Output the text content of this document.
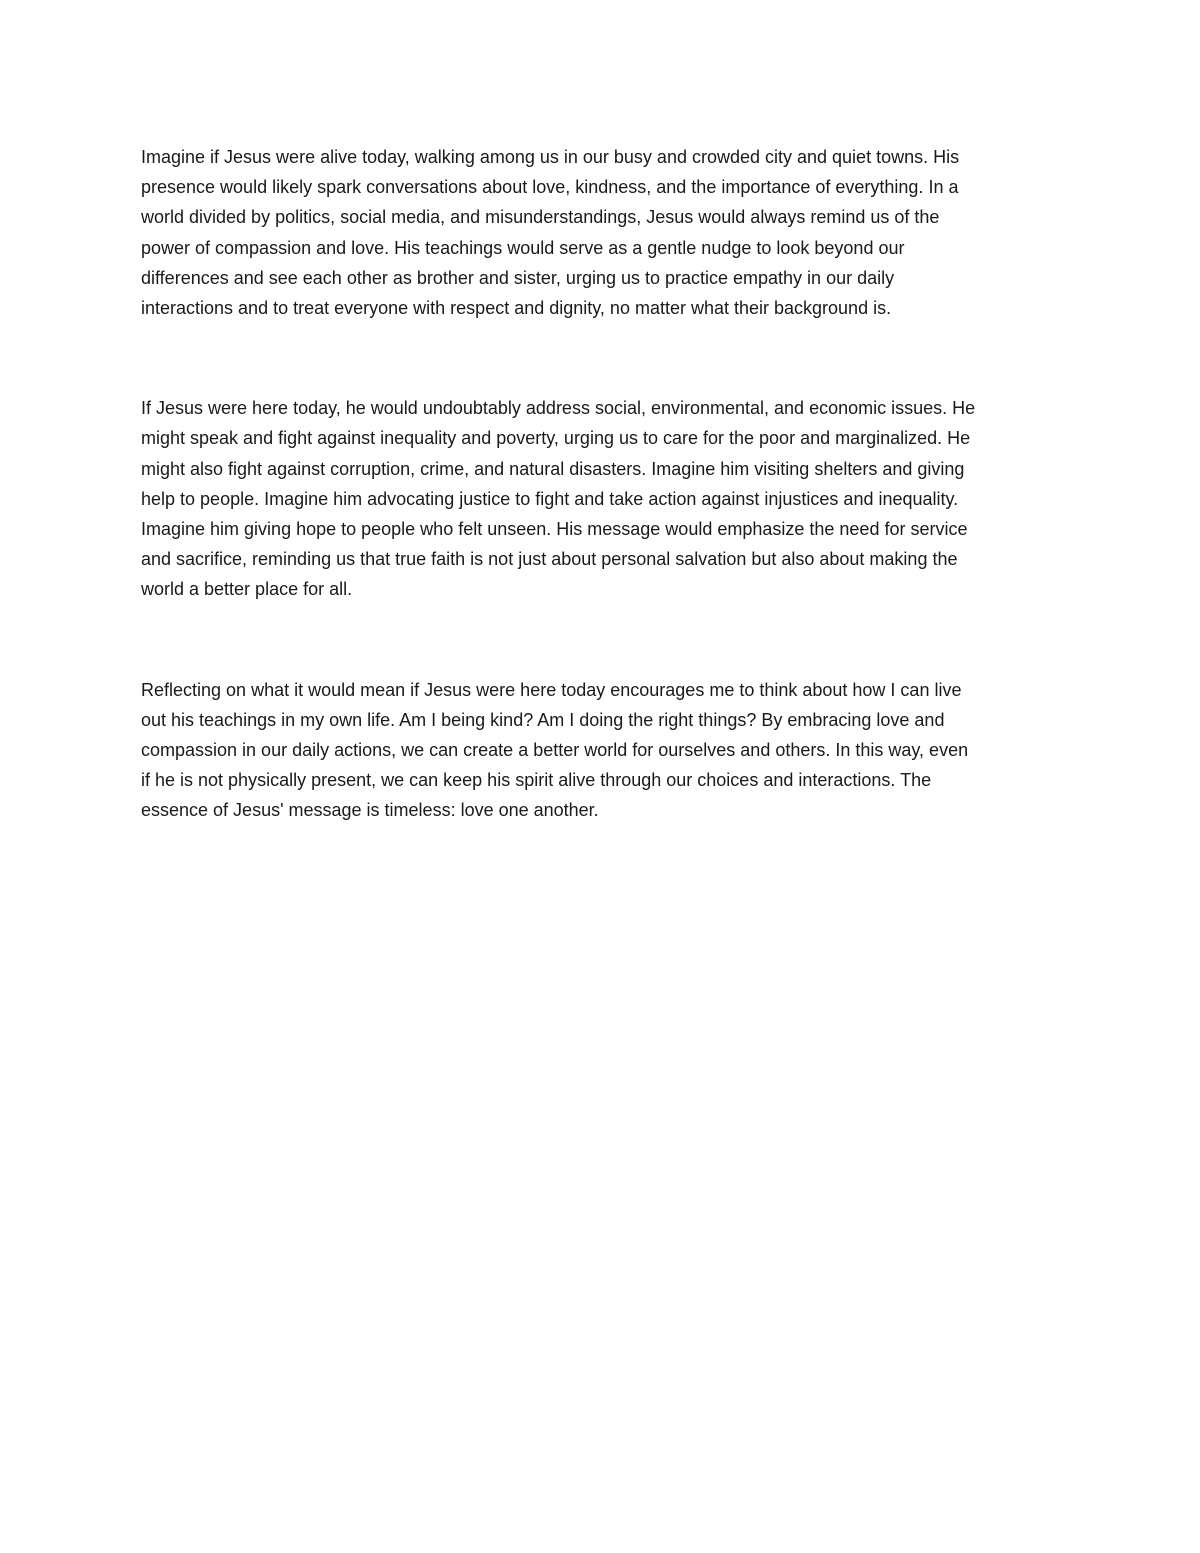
Imagine if Jesus were alive today, walking among us in our busy and crowded city and quiet towns. His
presence would likely spark conversations about love, kindness, and the importance of everything. In a
world divided by politics, social media, and misunderstandings, Jesus would always remind us of the
power of compassion and love. His teachings would serve as a gentle nudge to look beyond our
differences and see each other as brother and sister, urging us to practice empathy in our daily
interactions and to treat everyone with respect and dignity, no matter what their background is.

If Jesus were here today, he would undoubtably address social, environmental, and economic issues. He
might speak and fight against inequality and poverty, urging us to care for the poor and marginalized. He
might also fight against corruption, crime, and natural disasters. Imagine him visiting shelters and giving
help to people. Imagine him advocating justice to fight and take action against injustices and inequality.
Imagine him giving hope to people who felt unseen. His message would emphasize the need for service
and sacrifice, reminding us that true faith is not just about personal salvation but also about making the
world a better place for all.

Reflecting on what it would mean if Jesus were here today encourages me to think about how I can live
out his teachings in my own life. Am I being kind? Am I doing the right things? By embracing love and
compassion in our daily actions, we can create a better world for ourselves and others. In this way, even
if he is not physically present, we can keep his spirit alive through our choices and interactions. The
essence of Jesus' message is timeless: love one another.
